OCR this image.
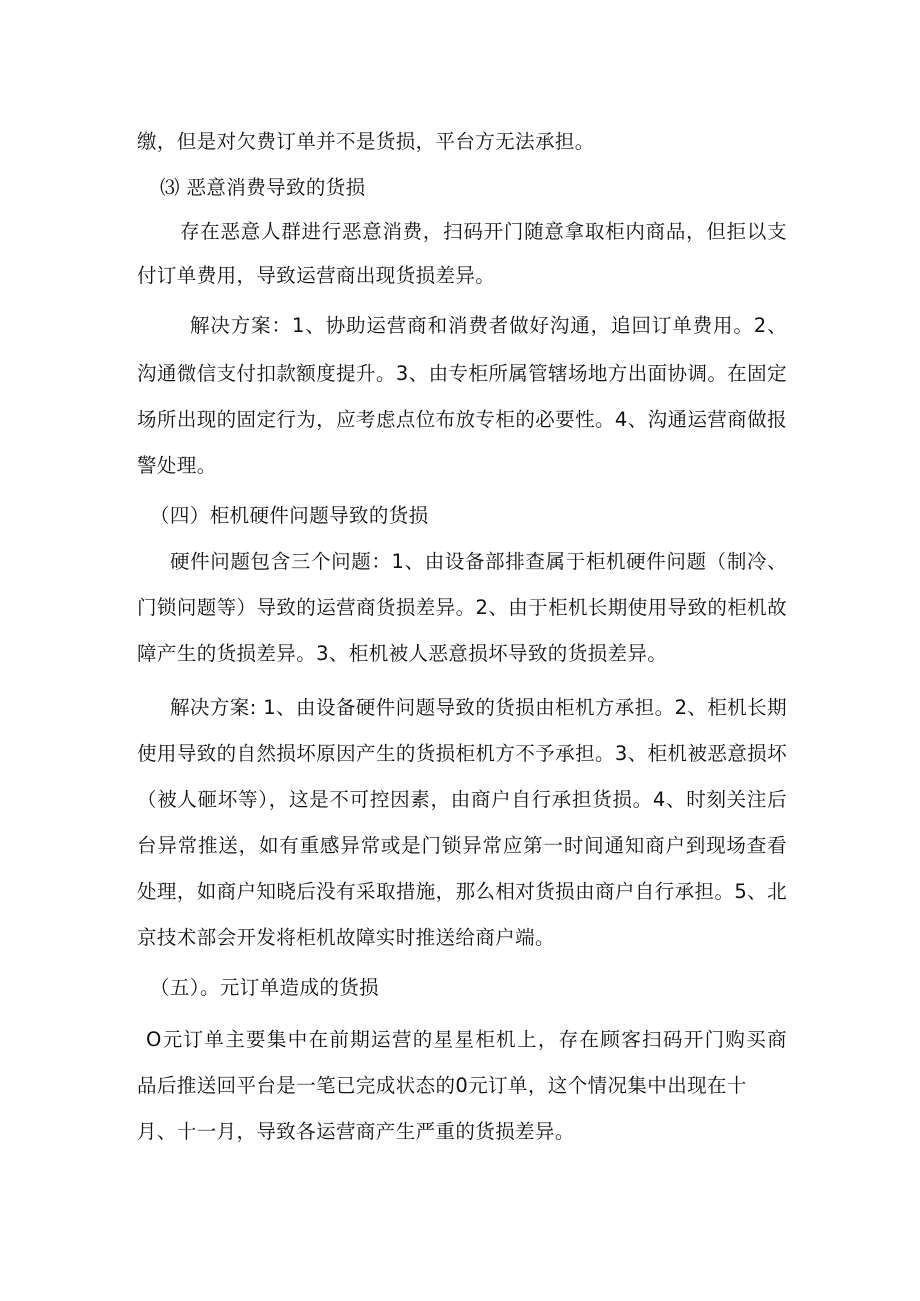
缴，但是对欠费订单并不是货损，平台方无法承担。
⑶ 恶意消费导致的货损
存在恶意人群进行恶意消费，扫码开门随意拿取柜内商品，但拒以支
付订单费用，导致运营商出现货损差异。
解决方案：1、协助运营商和消费者做好沟通，追回订单费用。2、
沟通微信支付扣款额度提升。3、由专柜所属管辖场地方出面协调。在固定
场所出现的固定行为，应考虑点位布放专柜的必要性。4、沟通运营商做报
警处理。
（四）柜机硬件问题导致的货损
硬件问题包含三个问题：1、由设备部排查属于柜机硬件问题（制冷、
门锁问题等）导致的运营商货损差异。2、由于柜机长期使用导致的柜机故
障产生的货损差异。3、柜机被人恶意损坏导致的货损差异。
解决方案: 1、由设备硬件问题导致的货损由柜机方承担。2、柜机长期
使用导致的自然损坏原因产生的货损柜机方不予承担。3、柜机被恶意损坏
（被人砸坏等），这是不可控因素，由商户自行承担货损。4、时刻关注后
台异常推送，如有重感异常或是门锁异常应第一时间通知商户到现场查看
处理，如商户知晓后没有采取措施，那么相对货损由商户自行承担。5、北
京技术部会开发将柜机故障实时推送给商户端。
（五）。元订单造成的货损
O元订单主要集中在前期运营的星星柜机上，存在顾客扫码开门购买商
品后推送回平台是一笔已完成状态的0元订单，这个情况集中出现在十
月、十一月，导致各运营商产生严重的货损差异。
